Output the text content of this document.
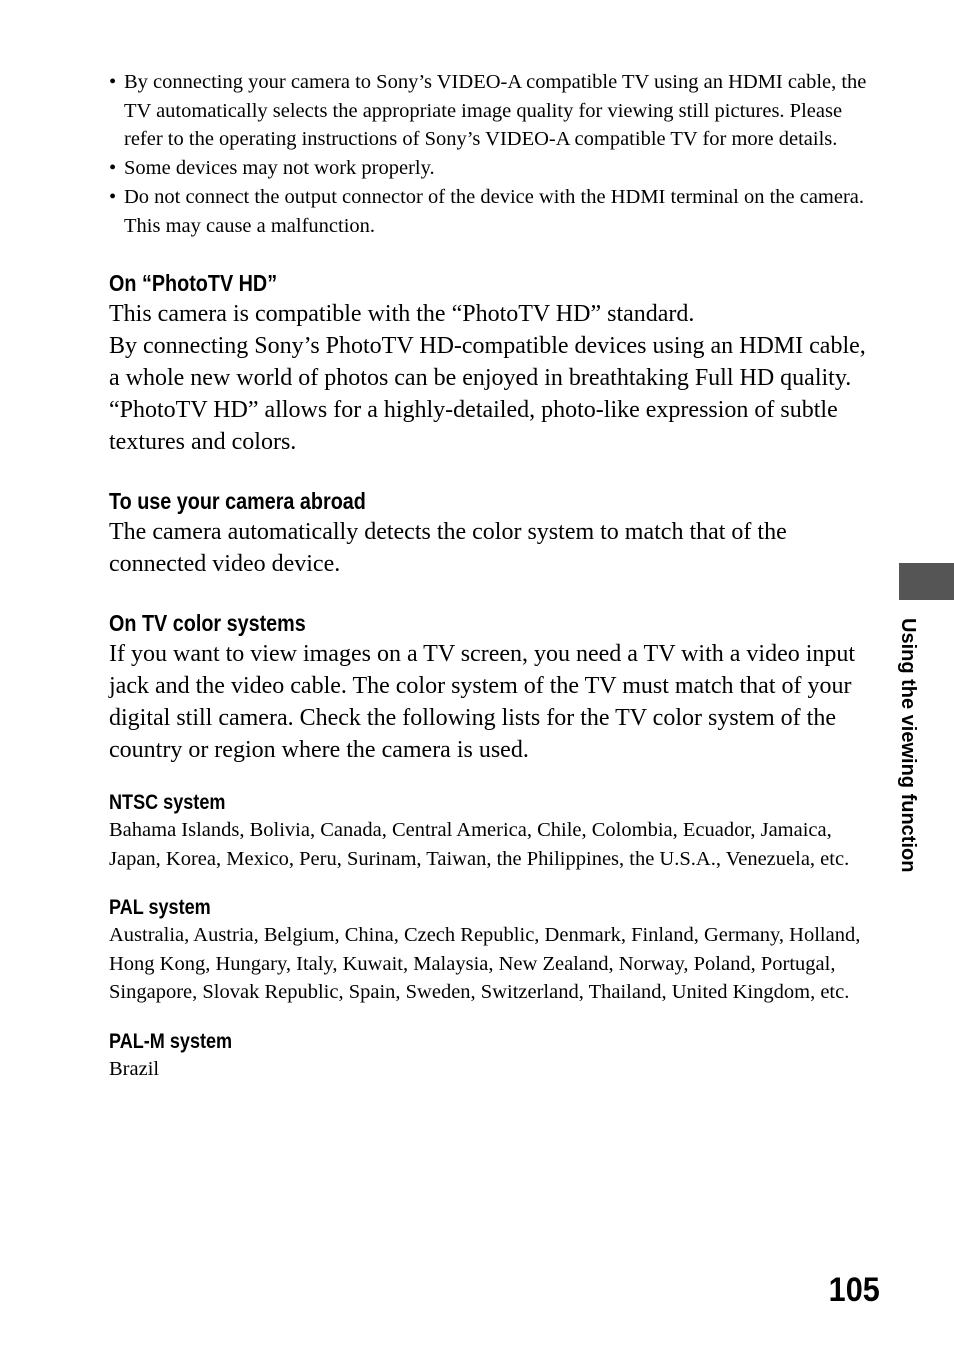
• By connecting your camera to Sony’s VIDEO-A compatible TV using an HDMI cable, the TV automatically selects the appropriate image quality for viewing still pictures. Please refer to the operating instructions of Sony’s VIDEO-A compatible TV for more details.
• Some devices may not work properly.
• Do not connect the output connector of the device with the HDMI terminal on the camera. This may cause a malfunction.
On “PhotoTV HD”

This camera is compatible with the “PhotoTV HD” standard.

By connecting Sony’s PhotoTV HD-compatible devices using an HDMI cable, a whole new world of photos can be enjoyed in breathtaking Full HD quality.

“PhotoTV HD” allows for a highly-detailed, photo-like expression of subtle textures and colors.

To use your camera abroad

The camera automatically detects the color system to match that of the connected video device.

On TV color systems

If you want to view images on a TV screen, you need a TV with a video input jack and the video cable. The color system of the TV must match that of your digital still camera. Check the following lists for the TV color system of the country or region where the camera is used.

NTSC system

Bahama Islands, Bolivia, Canada, Central America, Chile, Colombia, Ecuador, Jamaica, Japan, Korea, Mexico, Peru, Surinam, Taiwan, the Philippines, the U.S.A., Venezuela, etc.

PAL system

Australia, Austria, Belgium, China, Czech Republic, Denmark, Finland, Germany, Holland, Hong Kong, Hungary, Italy, Kuwait, Malaysia, New Zealand, Norway, Poland, Portugal, Singapore, Slovak Republic, Spain, Sweden, Switzerland, Thailand, United Kingdom, etc.

PAL-M system

Brazil

Using the viewing function
105
